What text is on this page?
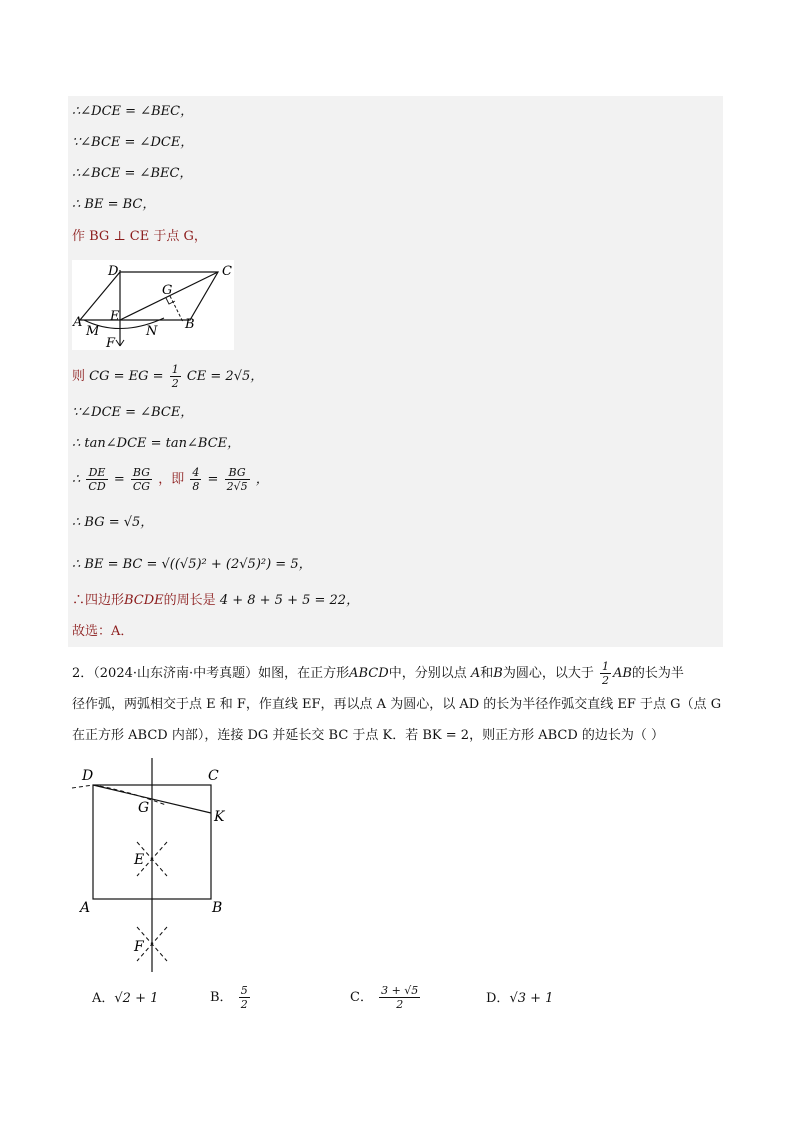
∴∠DCE = ∠BEC，
∵∠BCE = ∠DCE，
∴∠BCE = ∠BEC，
∴ BE = BC，
作 BG ⊥ CE 于点 G，
D	C
G
A E
B
M	N
F
则 CG = EG = $\frac{1}{2}$ CE = 2√5，
∵∠DCE = ∠BCE，
∴ tan∠DCE = tan∠BCE，
∴ $\frac{DE}{CD} = \frac{BG}{CG}$ ，即 $\frac{4}{8} = \frac{BG}{2√5}$ ，
∴ BG = √5，
∴ BE = BC = √((√5)² + (2√5)²) = 5，
∴四边形BCDE的周长是 4 + 8 + 5 + 5 = 22，
故选：A．
2．（2024·山东济南·中考真题）如图，在正方形ABCD中，分别以点 A和B为圆心，以大于 $\frac{1}{2}$ AB的长为半
径作弧，两弧相交于点 E 和 F，作直线 EF，再以点 A 为圆心，以 AD 的长为半径作弧交直线 EF 于点 G（点 G
在正方形 ABCD 内部），连接 DG 并延长交 BC 于点 K．若 BK = 2，则正方形 ABCD 的边长为（ ）
D	C
G
K
E
A	B
F
A．√2 + 1	B． $\frac{5}{2}$	C． $\frac{3 + √5}{2}$	D．√3 + 1
